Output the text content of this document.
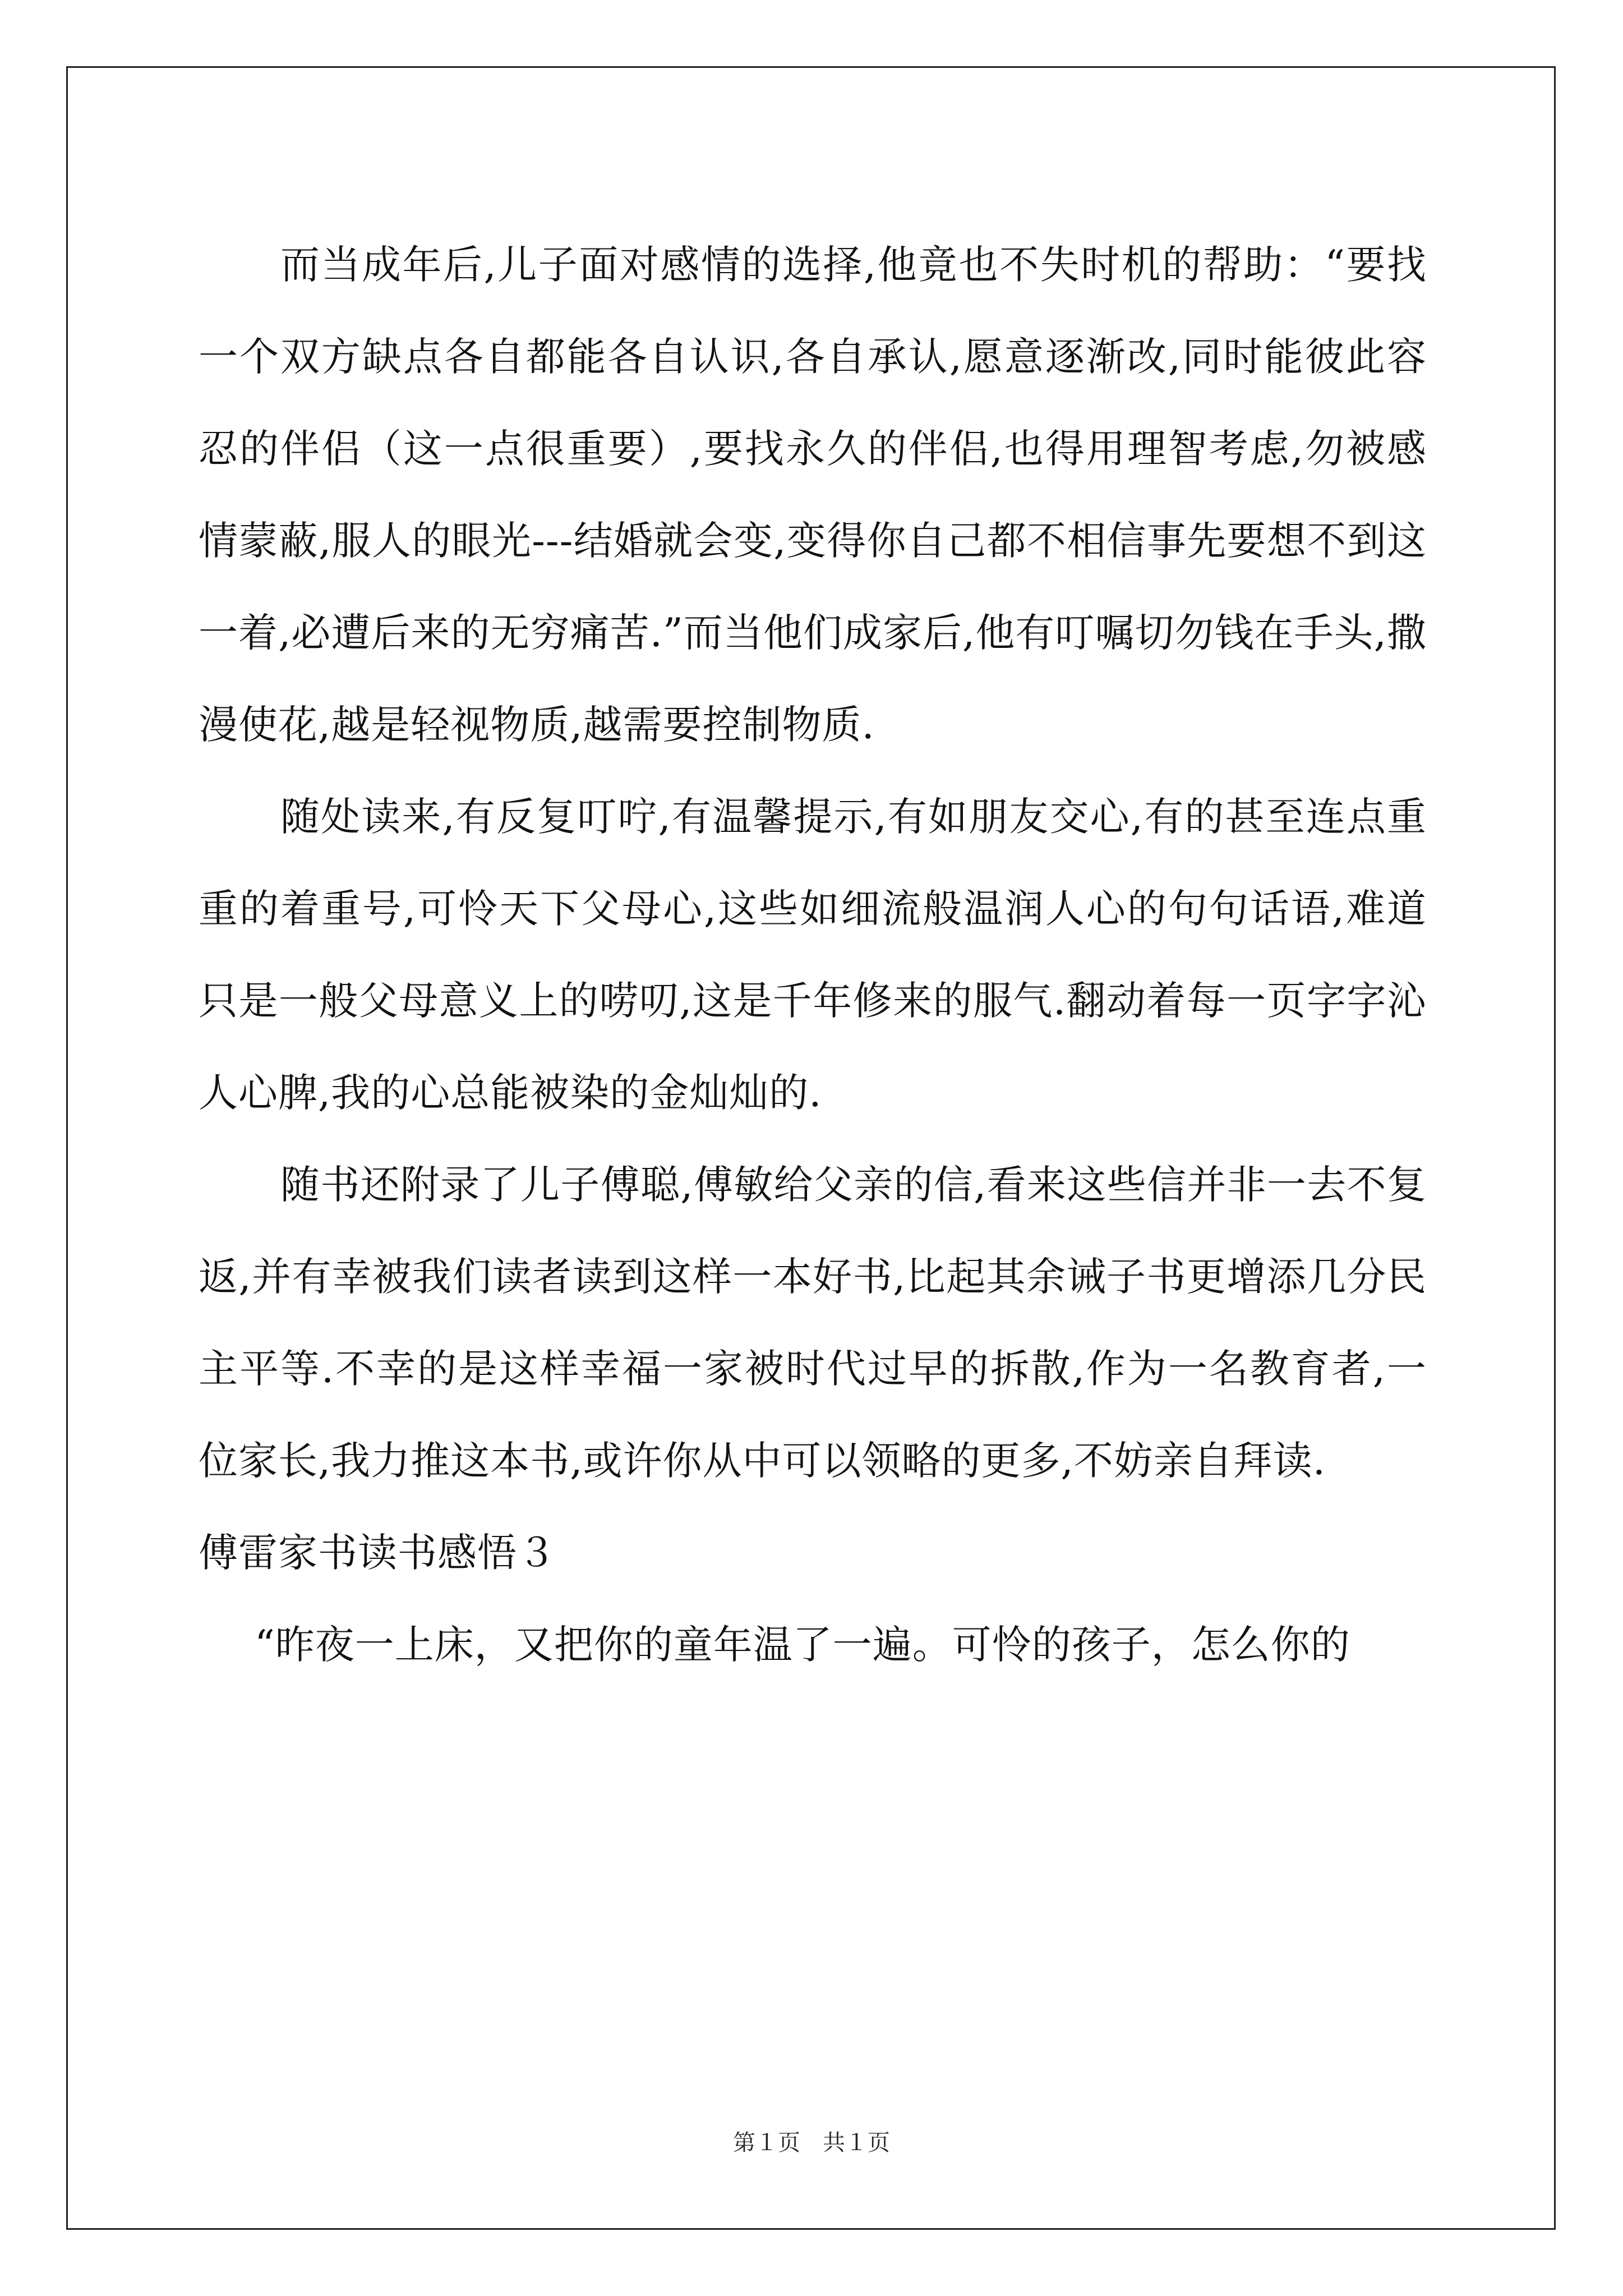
而当成年后,儿子面对感情的选择,他竟也不失时机的帮助：“要找一个双方缺点各自都能各自认识,各自承认,愿意逐渐改,同时能彼此容忍的伴侣（这一点很重要）,要找永久的伴侣,也得用理智考虑,勿被感情蒙蔽,服人的眼光---结婚就会变,变得你自己都不相信事先要想不到这一着,必遭后来的无穷痛苦.”而当他们成家后,他有叮嘱切勿钱在手头,撒漫使花,越是轻视物质,越需要控制物质.

随处读来,有反复叮咛,有温馨提示,有如朋友交心,有的甚至连点重重的着重号,可怜天下父母心,这些如细流般温润人心的句句话语,难道只是一般父母意义上的唠叨,这是千年修来的服气.翻动着每一页字字沁人心脾,我的心总能被染的金灿灿的.

随书还附录了儿子傅聪,傅敏给父亲的信,看来这些信并非一去不复返,并有幸被我们读者读到这样一本好书,比起其余诫子书更增添几分民主平等.不幸的是这样幸福一家被时代过早的拆散,作为一名教育者,一位家长,我力推这本书,或许你从中可以领略的更多,不妨亲自拜读.

傅雷家书读书感悟３

“昨夜一上床，又把你的童年温了一遍。可怜的孩子，怎么你的

第１页　共１页
